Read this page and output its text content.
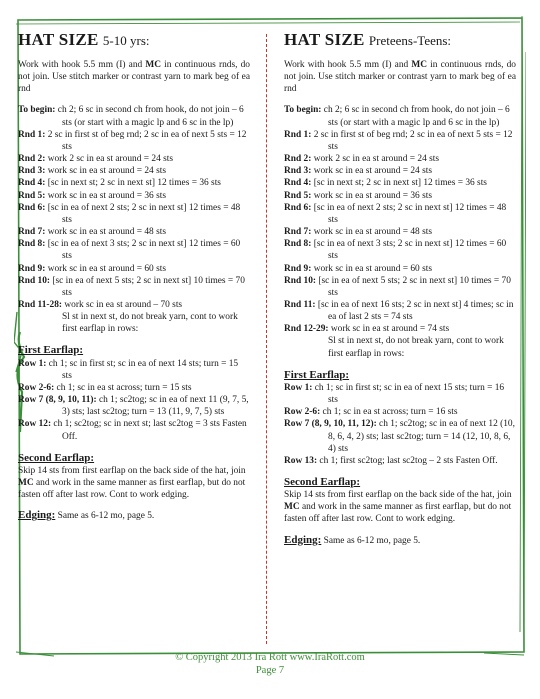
HAT SIZE 5-10 yrs:

Work with hook 5.5 mm (I) and MC in continuous rnds, do not join. Use stitch marker or contrast yarn to mark beg of ea rnd

To begin: ch 2; 6 sc in second ch from hook, do not join – 6 sts (or start with a magic lp and 6 sc in the lp)

Rnd 1: 2 sc in first st of beg rnd; 2 sc in ea of next 5 sts = 12 sts

Rnd 2: work 2 sc in ea st around = 24 sts

Rnd 3: work sc in ea st around = 24 sts

Rnd 4: [sc in next st; 2 sc in next st] 12 times = 36 sts

Rnd 5: work sc in ea st around = 36 sts

Rnd 6: [sc in ea of next 2 sts; 2 sc in next st] 12 times = 48 sts

Rnd 7: work sc in ea st around = 48 sts

Rnd 8: [sc in ea of next 3 sts; 2 sc in next st] 12 times = 60 sts

Rnd 9: work sc in ea st around = 60 sts

Rnd 10: [sc in ea of next 5 sts; 2 sc in next st] 10 times = 70 sts

Rnd 11-28: work sc in ea st around – 70 sts

Sl st in next st, do not break yarn, cont to work first earflap in rows:

First Earflap:

Row 1: ch 1; sc in first st; sc in ea of next 14 sts; turn = 15 sts

Row 2-6: ch 1; sc in ea st across; turn = 15 sts

Row 7 (8, 9, 10, 11): ch 1; sc2tog; sc in ea of next 11 (9, 7, 5, 3) sts; last sc2tog; turn = 13 (11, 9, 7, 5) sts

Row 12: ch 1; sc2tog; sc in next st; last sc2tog = 3 sts Fasten Off.

Second Earflap:

Skip 14 sts from first earflap on the back side of the hat, join MC and work in the same manner as first earflap, but do not fasten off after last row. Cont to work edging.

Edging: Same as 6-12 mo, page 5.

HAT SIZE Preteens-Teens:

Work with hook 5.5 mm (I) and MC in continuous rnds, do not join. Use stitch marker or contrast yarn to mark beg of ea rnd

To begin: ch 2; 6 sc in second ch from hook, do not join – 6 sts (or start with a magic lp and 6 sc in the lp)

Rnd 1: 2 sc in first st of beg rnd; 2 sc in ea of next 5 sts = 12 sts

Rnd 2: work 2 sc in ea st around = 24 sts

Rnd 3: work sc in ea st around = 24 sts

Rnd 4: [sc in next st; 2 sc in next st] 12 times = 36 sts

Rnd 5: work sc in ea st around = 36 sts

Rnd 6: [sc in ea of next 2 sts; 2 sc in next st] 12 times = 48 sts

Rnd 7: work sc in ea st around = 48 sts

Rnd 8: [sc in ea of next 3 sts; 2 sc in next st] 12 times = 60 sts

Rnd 9: work sc in ea st around = 60 sts

Rnd 10: [sc in ea of next 5 sts; 2 sc in next st] 10 times = 70 sts

Rnd 11: [sc in ea of next 16 sts; 2 sc in next st] 4 times; sc in ea of last 2 sts = 74 sts

Rnd 12-29: work sc in ea st around = 74 sts

Sl st in next st, do not break yarn, cont to work first earflap in rows:

First Earflap:

Row 1: ch 1; sc in first st; sc in ea of next 15 sts; turn = 16 sts

Row 2-6: ch 1; sc in ea st across; turn = 16 sts

Row 7 (8, 9, 10, 11, 12): ch 1; sc2tog; sc in ea of next 12 (10, 8, 6, 4, 2) sts; last sc2tog; turn = 14 (12, 10, 8, 6, 4) sts

Row 13: ch 1; first sc2tog; last sc2tog – 2 sts Fasten Off.

Second Earflap:

Skip 14 sts from first earflap on the back side of the hat, join MC and work in the same manner as first earflap, but do not fasten off after last row. Cont to work edging.

Edging: Same as 6-12 mo, page 5.

© Copyright 2013 Ira Rott www.IraRott.com
Page 7
